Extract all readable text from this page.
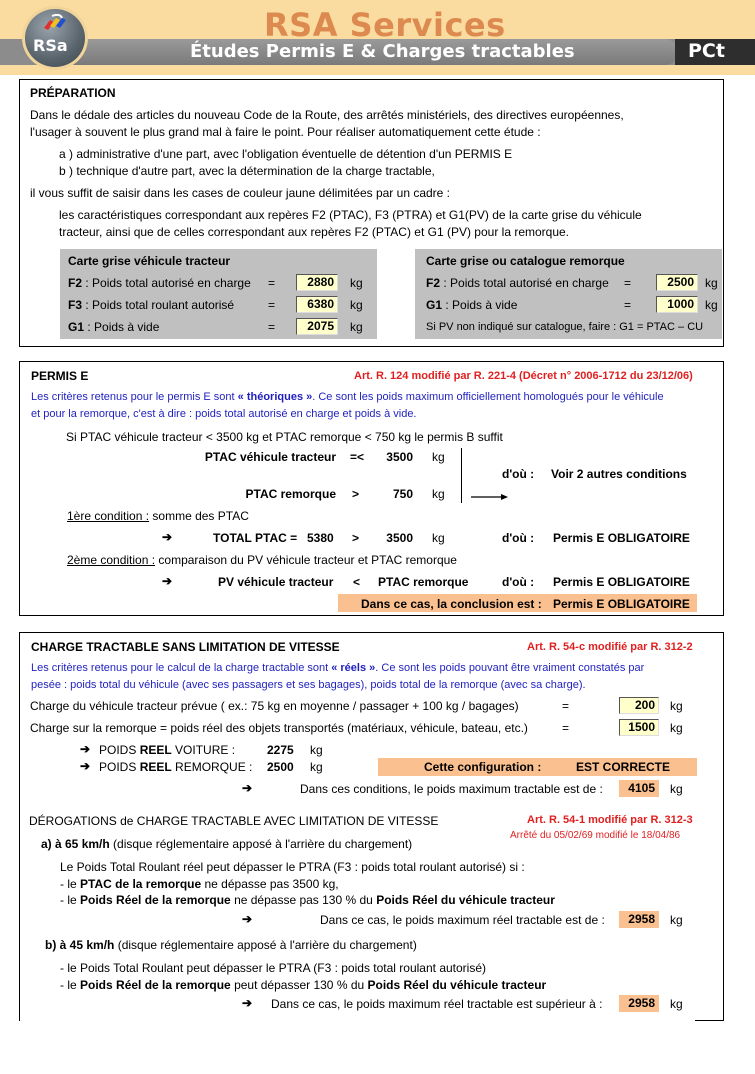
RSA Services
Études Permis E & Charges tractables	PCt
RSa
PRÉPARATION
Dans le dédale des articles du nouveau Code de la Route, des arrêtés ministériels, des directives européennes,
l'usager à souvent le plus grand mal à faire le point. Pour réaliser automatiquement cette étude :
a ) administrative d'une part, avec l'obligation éventuelle de détention d'un PERMIS E
b ) technique d'autre part, avec la détermination de la charge tractable,
il vous suffit de saisir dans les cases de couleur jaune délimitées par un cadre :
les caractéristiques correspondant aux repères F2 (PTAC), F3 (PTRA) et G1(PV) de la carte grise du véhicule
tracteur, ainsi que de celles correspondant aux repères F2 (PTAC) et G1 (PV) pour la remorque.
Carte grise véhicule tracteur
F2 : Poids total autorisé en charge =	2880	kg
F3 : Poids total roulant autorisé	=	6380	kg
G1 : Poids à vide	=	2075	kg
Carte grise ou catalogue remorque
F2 : Poids total autorisé en charge =	2500 kg
G1 : Poids à vide	=	1000 kg
Si PV non indiqué sur catalogue, faire : G1 = PTAC – CU
PERMIS E	Art. R. 124 modifié par R. 221-4 (Décret n° 2006-1712 du 23/12/06)
Les critères retenus pour le permis E sont « théoriques ». Ce sont les poids maximum officiellement homologués pour le véhicule
et pour la remorque, c'est à dire : poids total autorisé en charge et poids à vide.
Si PTAC véhicule tracteur < 3500 kg et PTAC remorque < 750 kg le permis B suffit
PTAC véhicule tracteur =<	3500 kg
d'où : Voir 2 autres conditions
PTAC remorque >	750 kg
1ère condition : somme des PTAC
➔	TOTAL PTAC = 5380 >	3500 kg	d'où : Permis E OBLIGATOIRE
2ème condition : comparaison du PV véhicule tracteur et PTAC remorque
➔	PV véhicule tracteur < PTAC remorque	d'où : Permis E OBLIGATOIRE
Dans ce cas, la conclusion est : Permis E OBLIGATOIRE
CHARGE TRACTABLE SANS LIMITATION DE VITESSE	Art. R. 54-c modifié par R. 312-2
Les critères retenus pour le calcul de la charge tractable sont « réels ». Ce sont les poids pouvant être vraiment constatés par
pesée : poids total du véhicule (avec ses passagers et ses bagages), poids total de la remorque (avec sa charge).
Charge du véhicule tracteur prévue ( ex.: 75 kg en moyenne / passager + 100 kg / bagages)	=	200	kg
Charge sur la remorque = poids réel des objets transportés (matériaux, véhicule, bateau, etc.)	=	1500	kg
➔ POIDS REEL VOITURE :	2275 kg
➔ POIDS REEL REMORQUE : 2500 kg	Cette configuration :	EST CORRECTE
➔	Dans ces conditions, le poids maximum tractable est de :	4105	kg
DÉROGATIONS de CHARGE TRACTABLE AVEC LIMITATION DE VITESSE	Art. R. 54-1 modifié par R. 312-3
Arrêté du 05/02/69 modifié le 18/04/86
a) à 65 km/h (disque réglementaire apposé à l'arrière du chargement)
Le Poids Total Roulant réel peut dépasser le PTRA (F3 : poids total roulant autorisé) si :
- le PTAC de la remorque ne dépasse pas 3500 kg,
- le Poids Réel de la remorque ne dépasse pas 130 % du Poids Réel du véhicule tracteur
➔	Dans ce cas, le poids maximum réel tractable est de :	2958	kg
b) à 45 km/h (disque réglementaire apposé à l'arrière du chargement)
- le Poids Total Roulant peut dépasser le PTRA (F3 : poids total roulant autorisé)
- le Poids Réel de la remorque peut dépasser 130 % du Poids Réel du véhicule tracteur
➔ Dans ce cas, le poids maximum réel tractable est supérieur à :	2958	kg
